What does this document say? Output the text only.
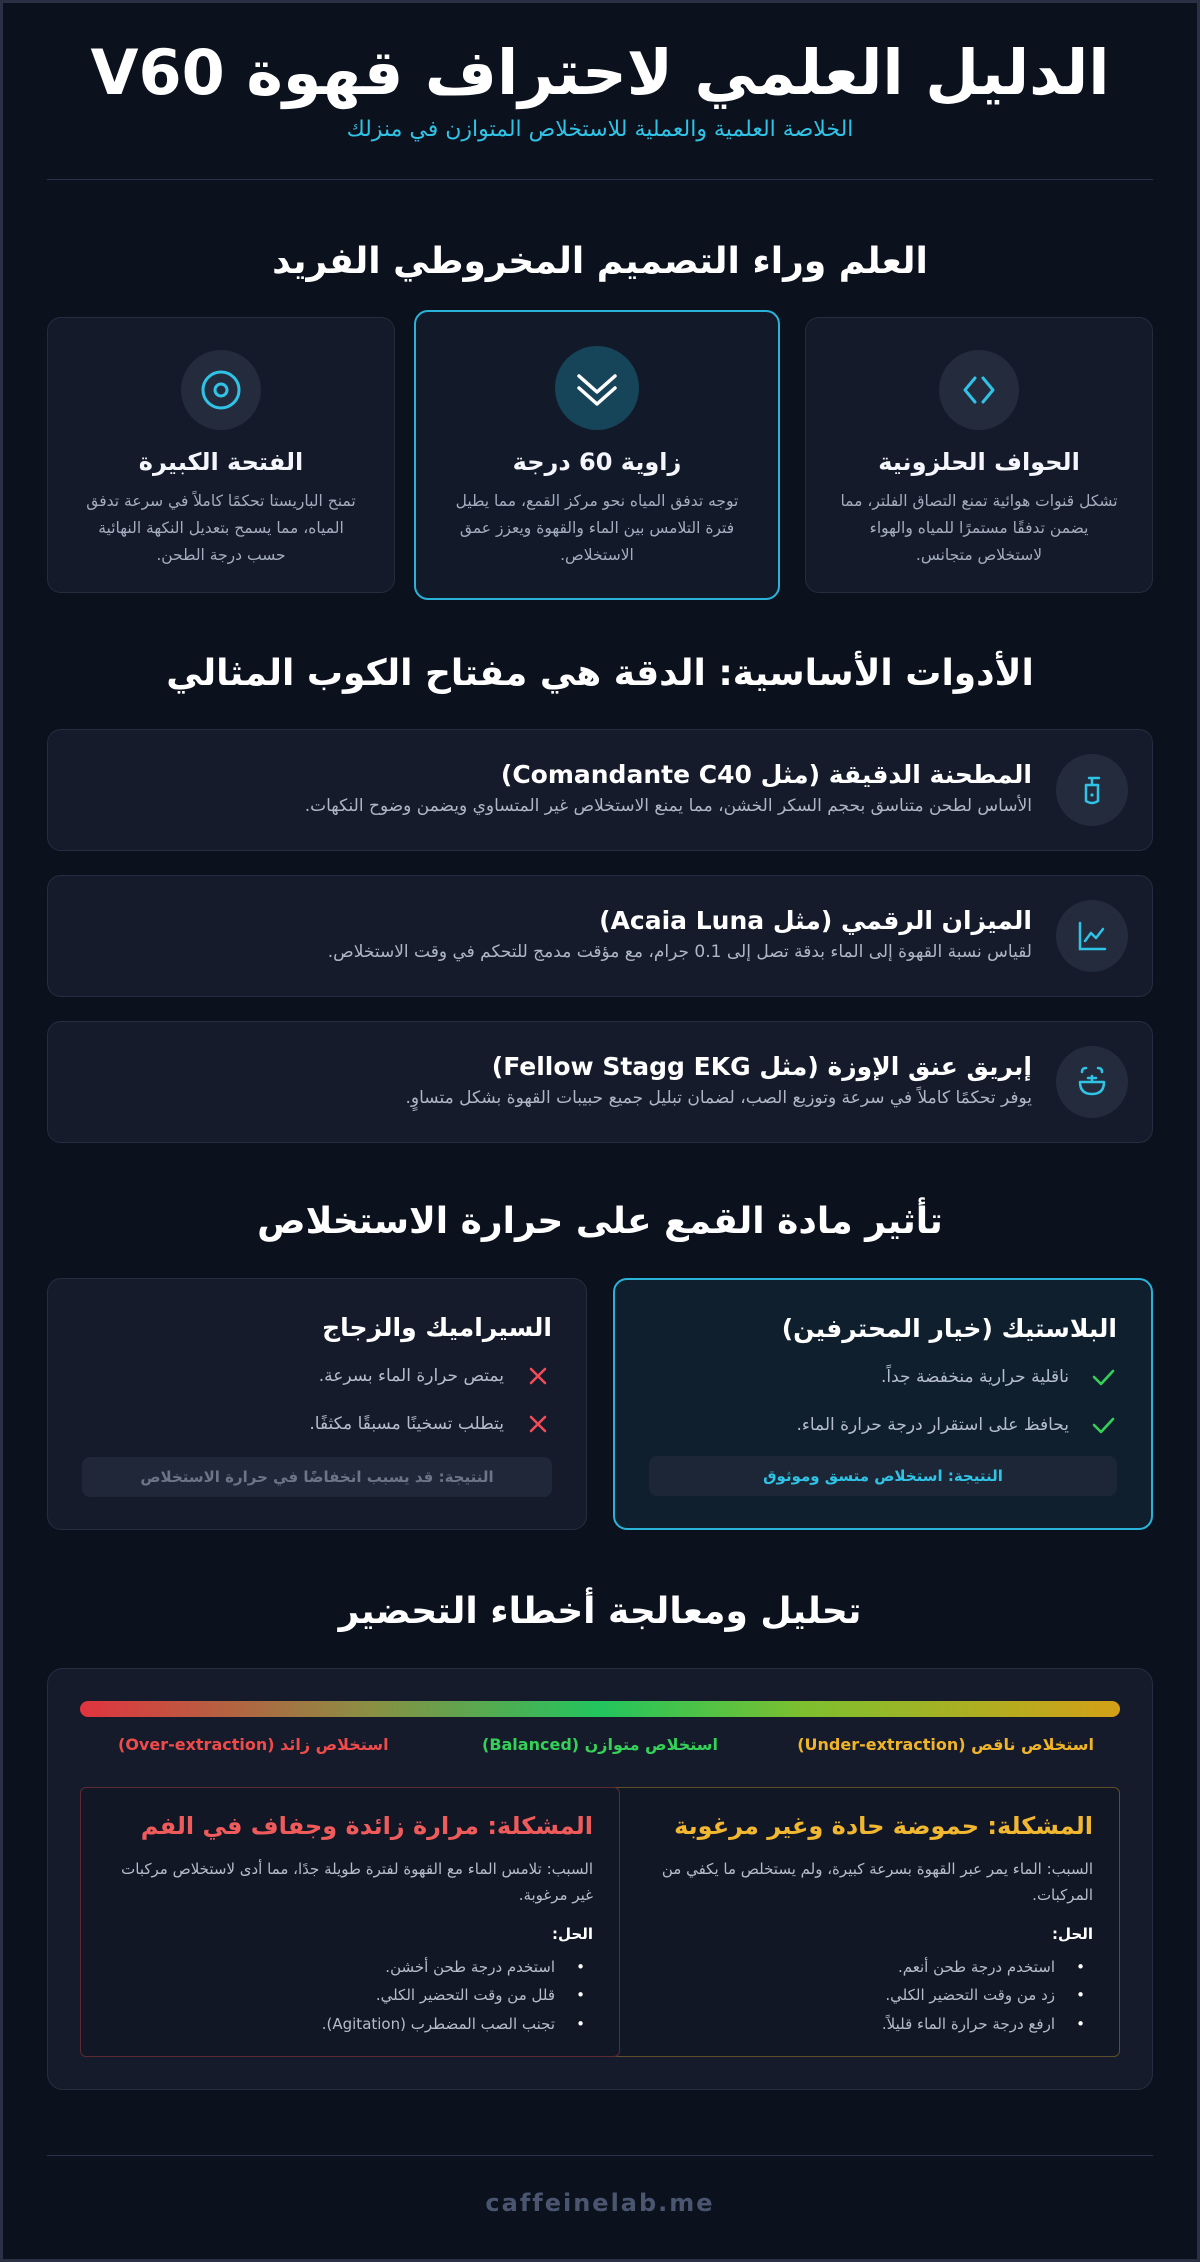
الدليل العلمي لاحتراف قهوة V60
الخلاصة العلمية والعملية للاستخلاص المتوازن في منزلك
العلم وراء التصميم المخروطي الفريد
الحواف الحلزونية
تشكل قنوات هوائية تمنع التصاق الفلتر، مما يضمن تدفقًا مستمرًا للمياه والهواء لاستخلاص متجانس.
زاوية 60 درجة
توجه تدفق المياه نحو مركز القمع، مما يطيل فترة التلامس بين الماء والقهوة ويعزز عمق الاستخلاص.
الفتحة الكبيرة
تمنح الباريستا تحكمًا كاملاً في سرعة تدفق المياه، مما يسمح بتعديل النكهة النهائية حسب درجة الطحن.
الأدوات الأساسية: الدقة هي مفتاح الكوب المثالي
المطحنة الدقيقة (مثل Comandante C40)
الأساس لطحن متناسق بحجم السكر الخشن، مما يمنع الاستخلاص غير المتساوي ويضمن وضوح النكهات.
الميزان الرقمي (مثل Acaia Luna)
لقياس نسبة القهوة إلى الماء بدقة تصل إلى 0.1 جرام، مع مؤقت مدمج للتحكم في وقت الاستخلاص.
إبريق عنق الإوزة (مثل Fellow Stagg EKG)
يوفر تحكمًا كاملاً في سرعة وتوزيع الصب، لضمان تبليل جميع حبيبات القهوة بشكل متساوٍ.
تأثير مادة القمع على حرارة الاستخلاص
البلاستيك (خيار المحترفين)
ناقلية حرارية منخفضة جداً.
يحافظ على استقرار درجة حرارة الماء.
النتيجة: استخلاص متسق وموثوق
السيراميك والزجاج
يمتص حرارة الماء بسرعة.
يتطلب تسخينًا مسبقًا مكثفًا.
النتيجة: قد يسبب انخفاضًا في حرارة الاستخلاص
تحليل ومعالجة أخطاء التحضير
استخلاص ناقص (Under-extraction)
استخلاص متوازن (Balanced)
استخلاص زائد (Over-extraction)
المشكلة: حموضة حادة وغير مرغوبة
السبب: الماء يمر عبر القهوة بسرعة كبيرة، ولم يستخلص ما يكفي من المركبات.
الحل:
• استخدم درجة طحن أنعم.
• زد من وقت التحضير الكلي.
• ارفع درجة حرارة الماء قليلاً.
المشكلة: مرارة زائدة وجفاف في الفم
السبب: تلامس الماء مع القهوة لفترة طويلة جدًا، مما أدى لاستخلاص مركبات غير مرغوبة.
الحل:
• استخدم درجة طحن أخشن.
• قلل من وقت التحضير الكلي.
• تجنب الصب المضطرب (Agitation).
caffeinelab.me
